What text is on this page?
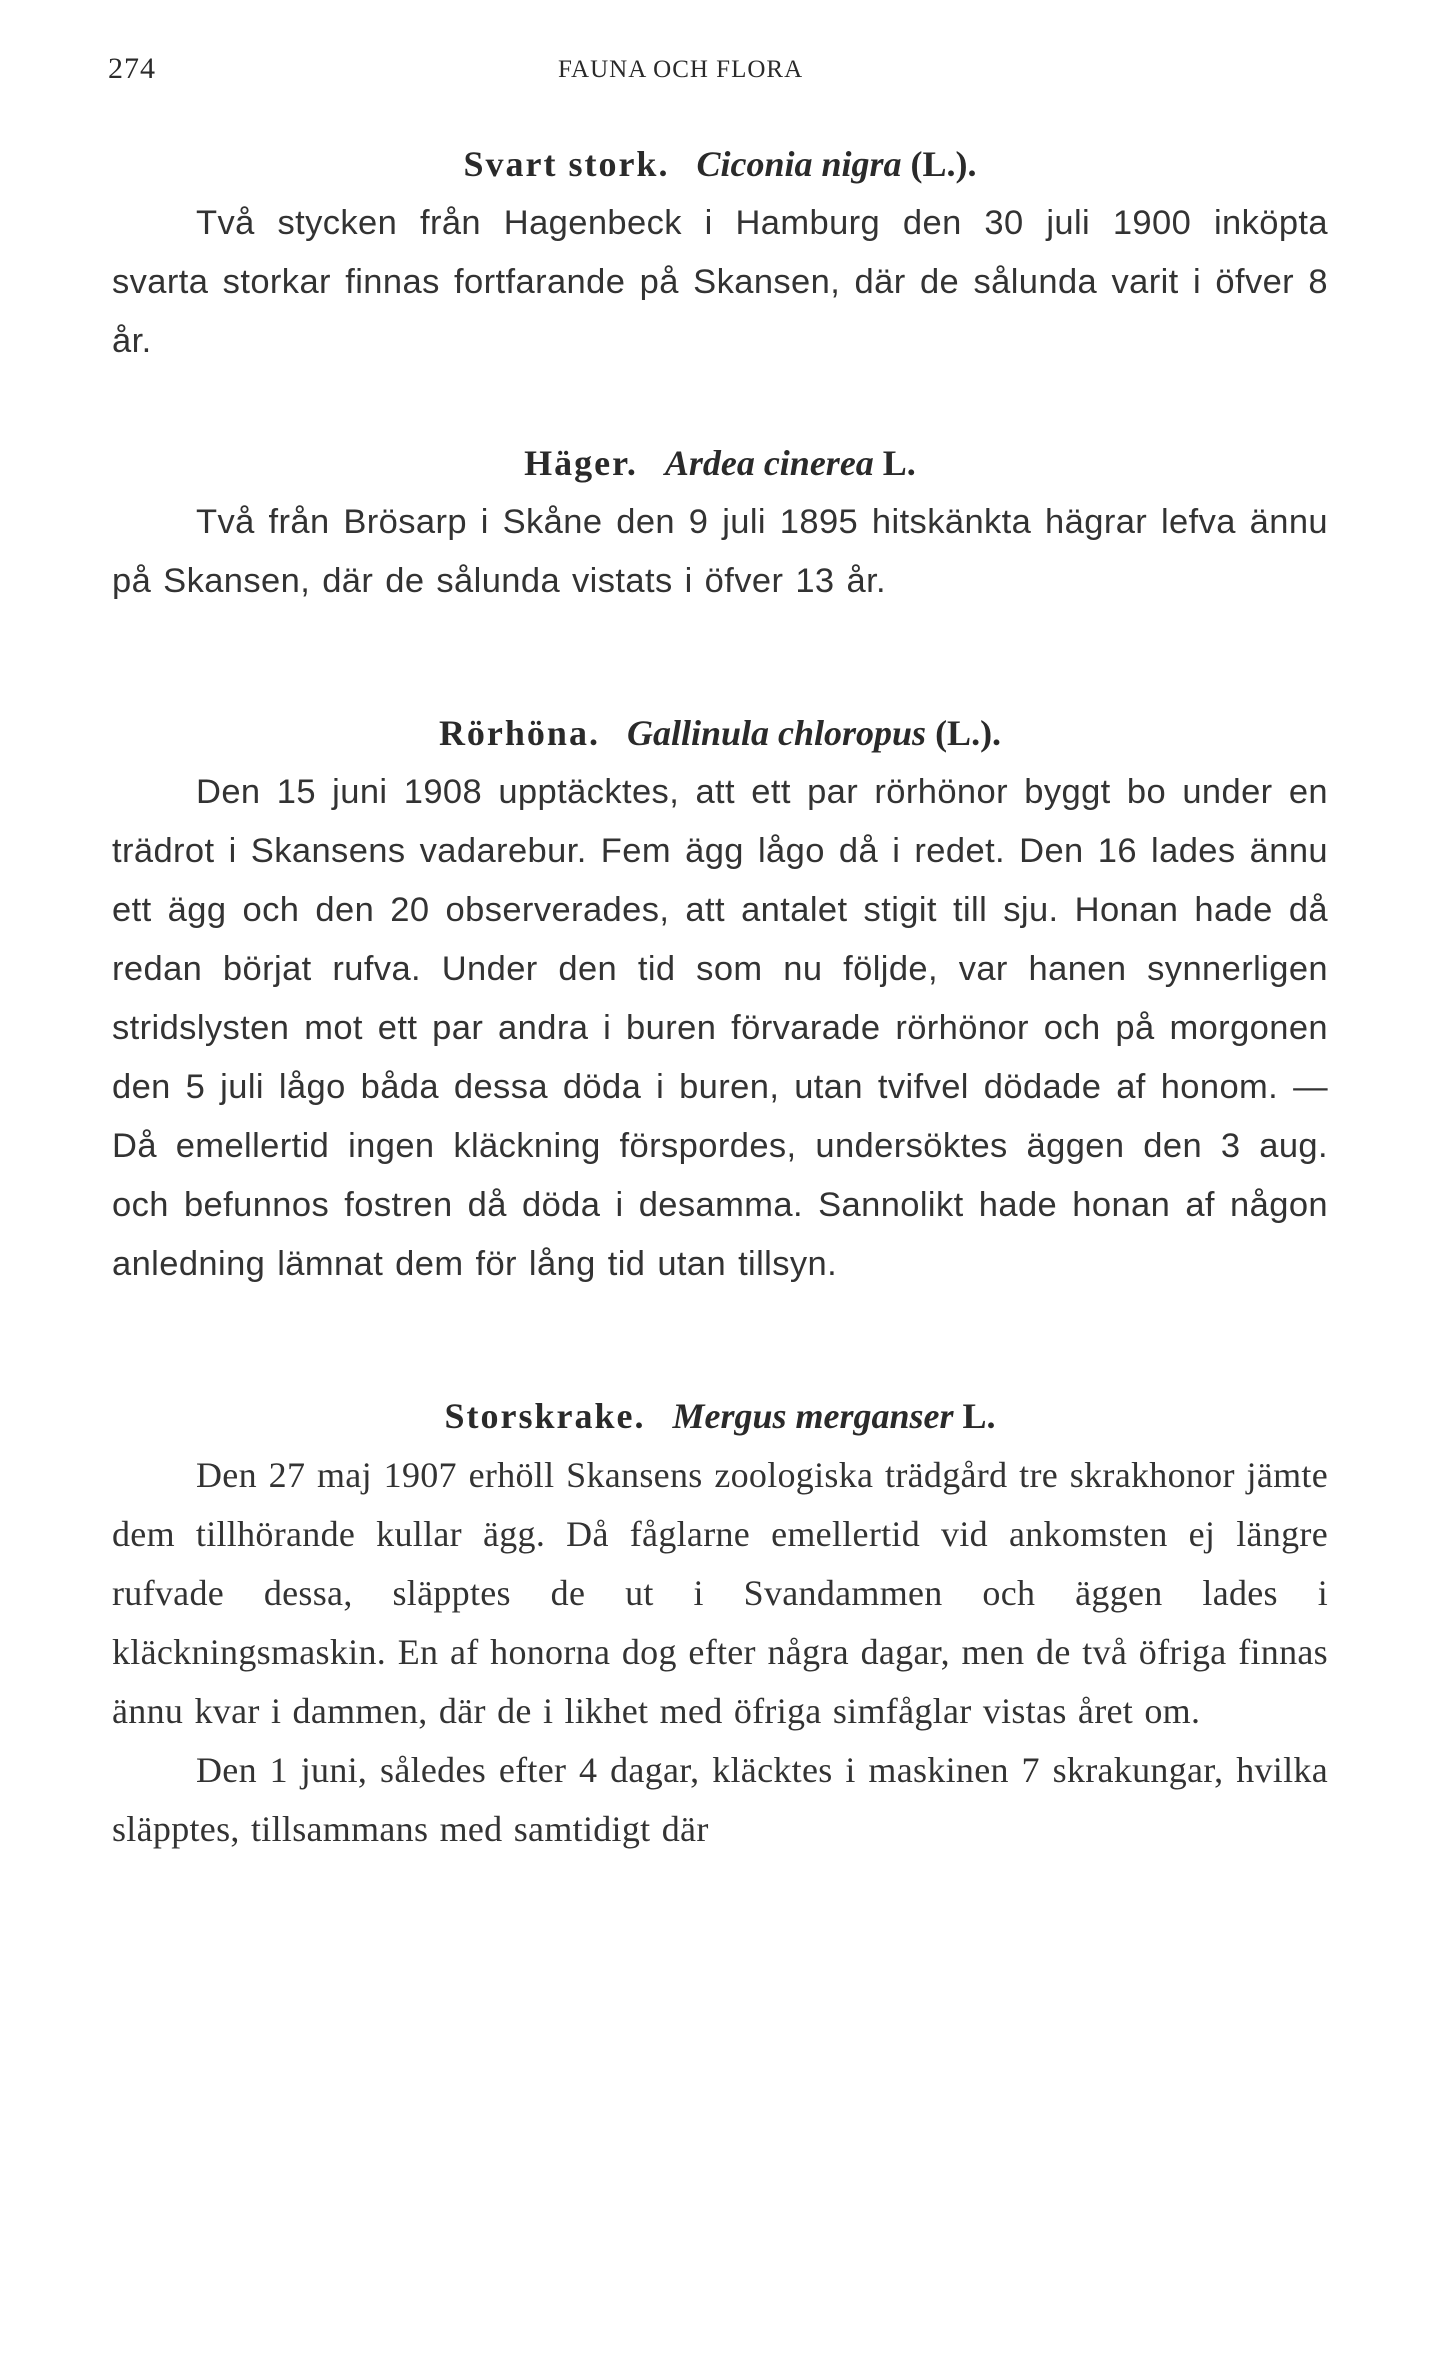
274	FAUNA OCH FLORA
Svart stork. Ciconia nigra (L.).

Två stycken från Hagenbeck i Hamburg den 30 juli 1900 inköpta svarta storkar finnas fortfarande på Skansen, där de sålunda varit i öfver 8 år.

Häger. Ardea cinerea L.

Två från Brösarp i Skåne den 9 juli 1895 hitskänkta hägrar lefva ännu på Skansen, där de sålunda vistats i öfver 13 år.

Rörhöna. Gallinula chloropus (L.).

Den 15 juni 1908 upptäcktes, att ett par rörhönor byggt bo under en trädrot i Skansens vadarebur. Fem ägg lågo då i redet. Den 16 lades ännu ett ägg och den 20 observerades, att antalet stigit till sju. Honan hade då redan börjat rufva. Under den tid som nu följde, var hanen synnerligen stridslysten mot ett par andra i buren förvarade rörhönor och på morgonen den 5 juli lågo båda dessa döda i buren, utan tvifvel dödade af honom. — Då emellertid ingen kläckning förspordes, undersöktes äggen den 3 aug. och befunnos fostren då döda i desamma. Sannolikt hade honan af någon anledning lämnat dem för lång tid utan tillsyn.

Storskrake. Mergus merganser L.

Den 27 maj 1907 erhöll Skansens zoologiska trädgård tre skrakhonor jämte dem tillhörande kullar ägg. Då fåglarne emellertid vid ankomsten ej längre rufvade dessa, släpptes de ut i Svandammen och äggen lades i kläckningsmaskin. En af honorna dog efter några dagar, men de två öfriga finnas ännu kvar i dammen, där de i likhet med öfriga simfåglar vistas året om.

Den 1 juni, således efter 4 dagar, kläcktes i maskinen 7 skrakungar, hvilka släpptes, tillsammans med samtidigt där
